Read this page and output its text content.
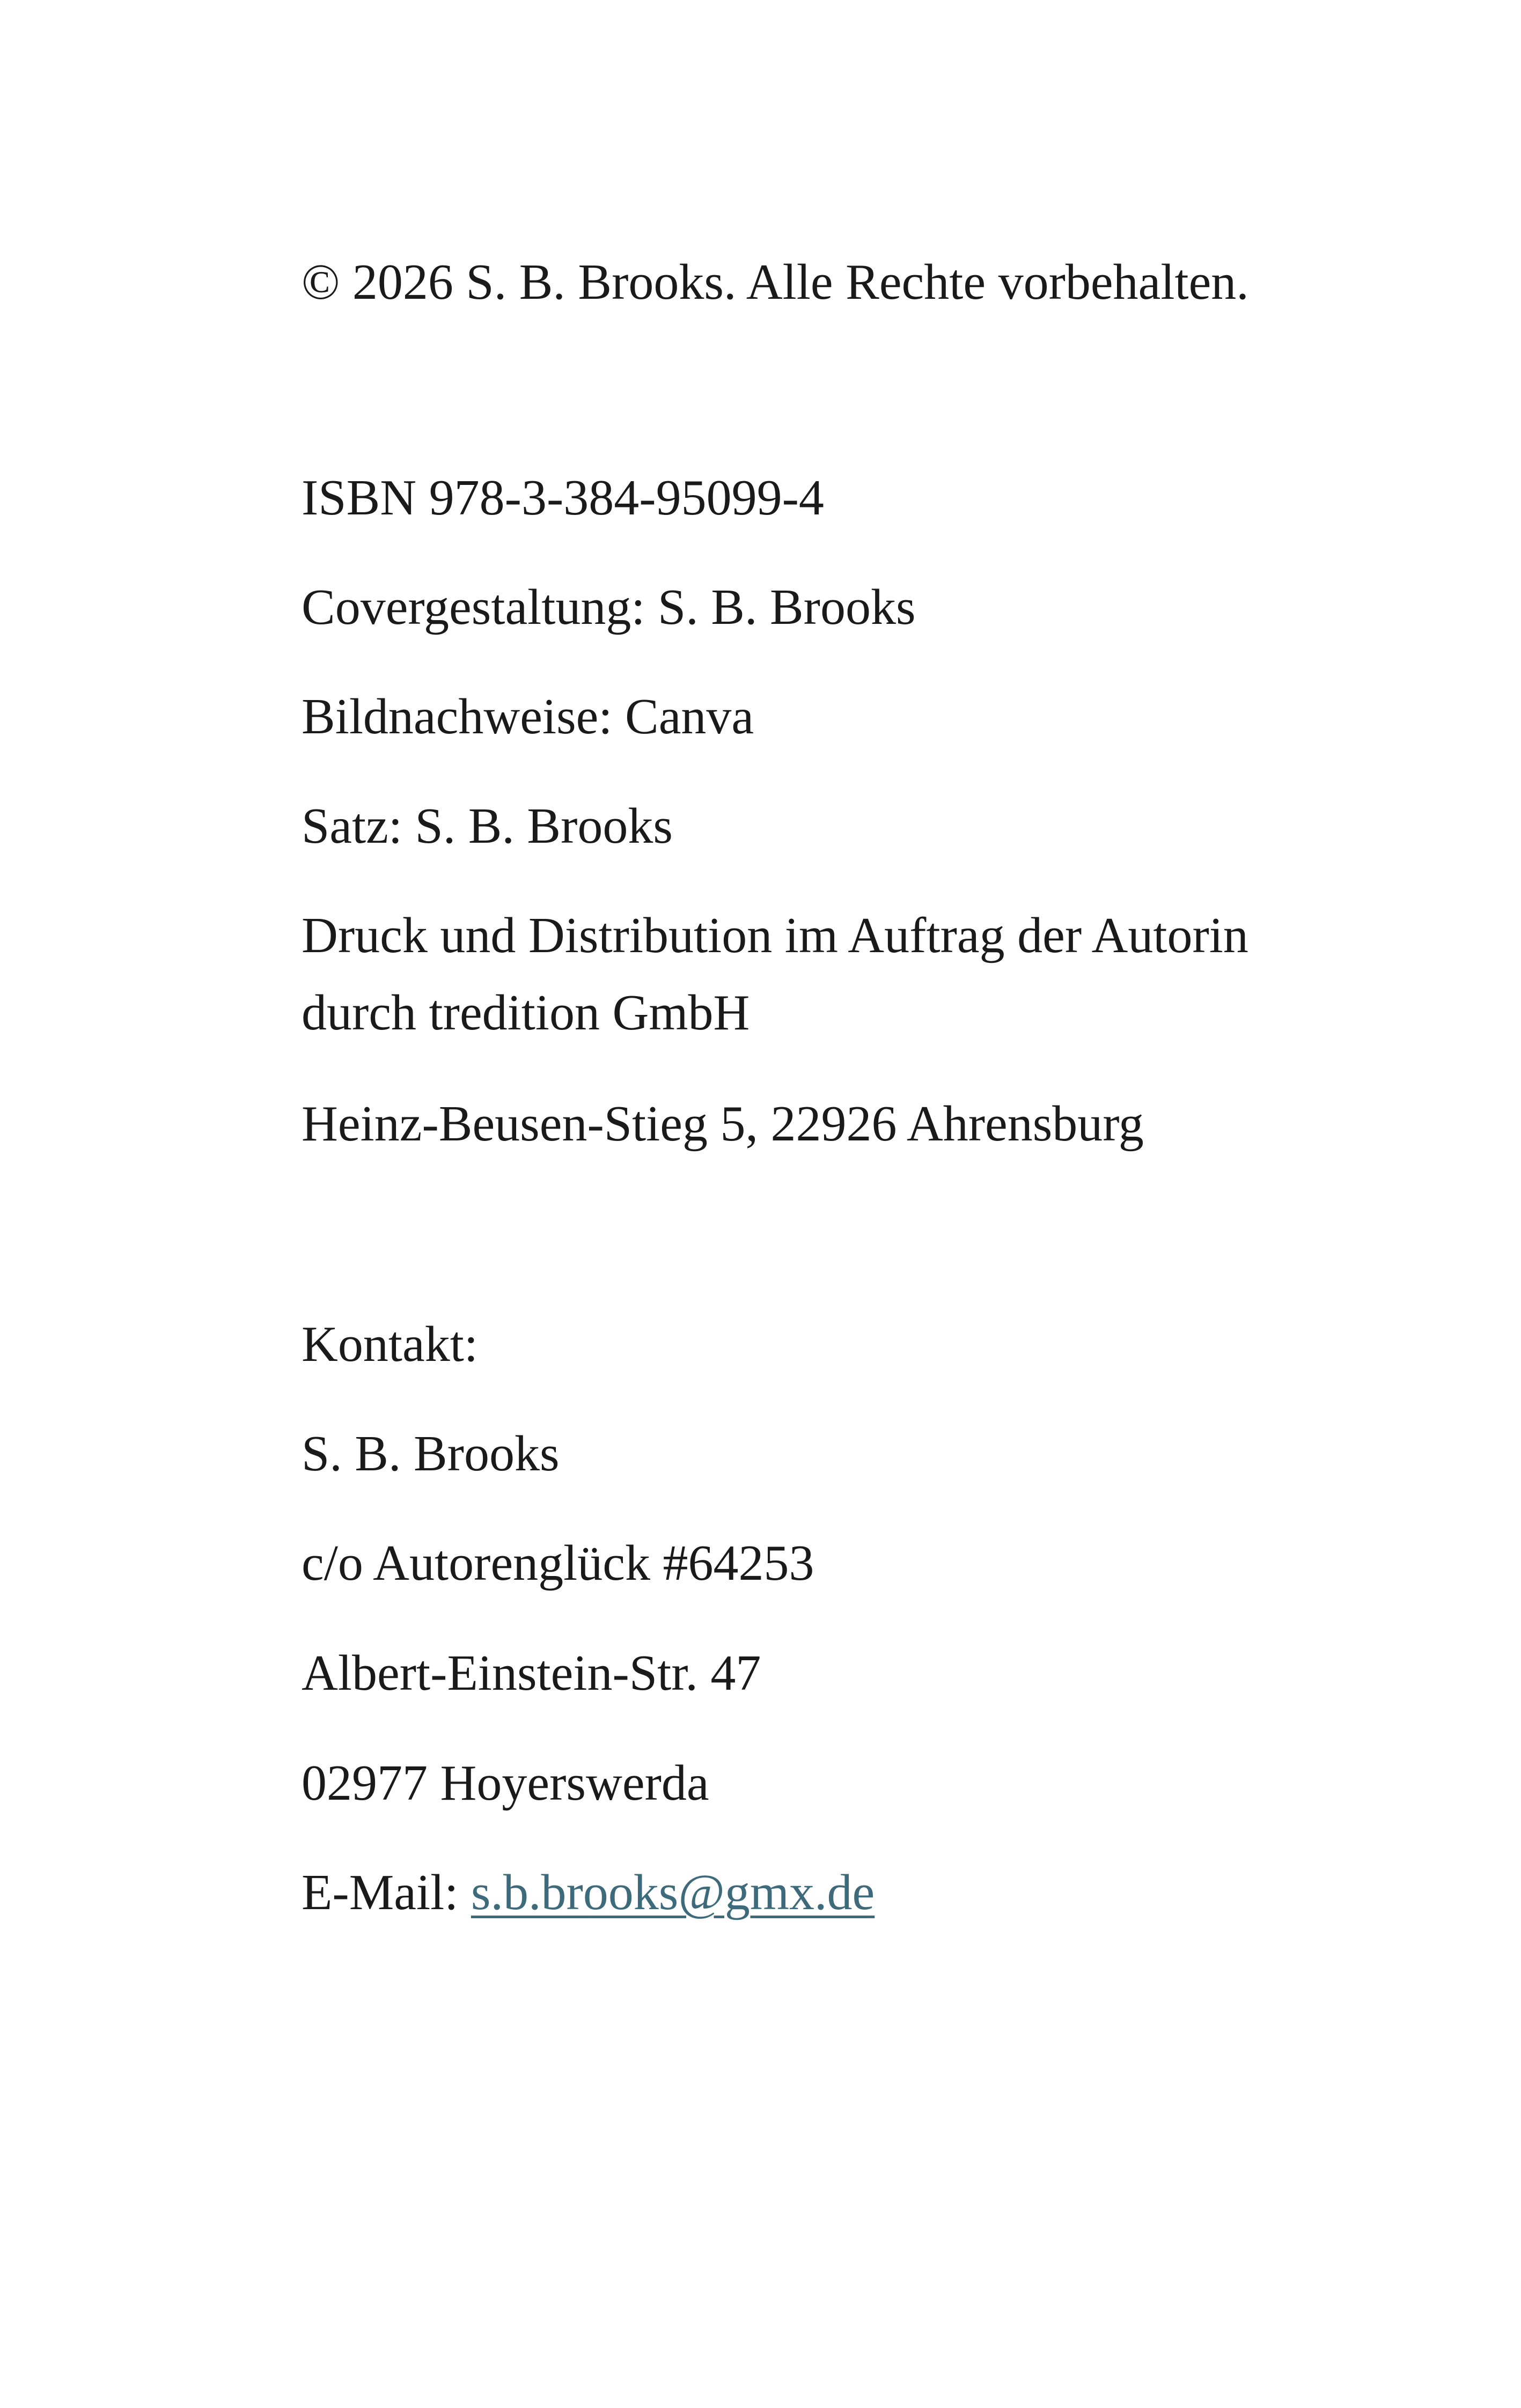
© 2026 S. B. Brooks. Alle Rechte vorbehalten.

ISBN 978-3-384-95099-4

Covergestaltung: S. B. Brooks

Bildnachweise: Canva

Satz: S. B. Brooks

Druck und Distribution im Auftrag der Autorin

durch tredition GmbH

Heinz-Beusen-Stieg 5, 22926 Ahrensburg

Kontakt:

S. B. Brooks

c/o Autorenglück #64253

Albert-Einstein-Str. 47

02977 Hoyerswerda

E-Mail: s.b.brooks@gmx.de
